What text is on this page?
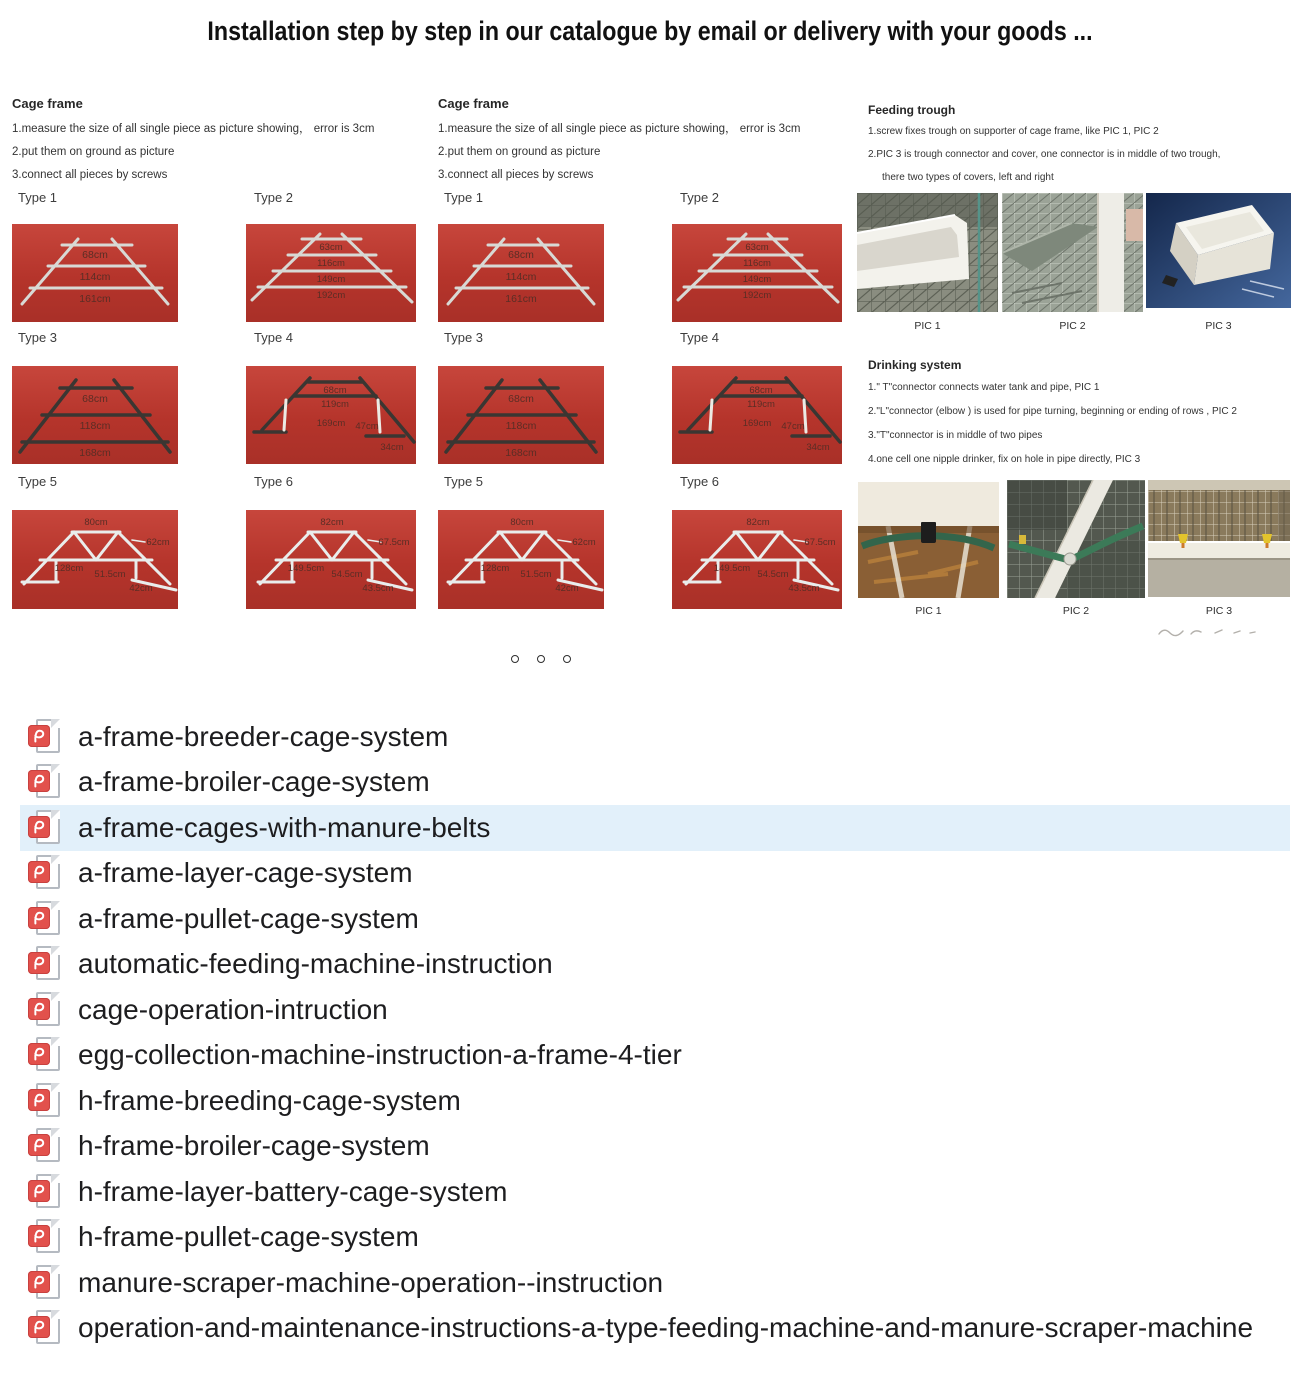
Installation step by step in our catalogue by email or delivery with your goods ...
Cage frame
1.measure the size of all single piece as picture showing， error is 3cm
2.put them on ground as picture
3.connect all pieces by screws
Type 1	Type 2
Type 3	Type 4
Type 5	Type 6
68cm
114cm
161cm
63cm
116cm
149cm
192cm
68cm
118cm
168cm
68cm
119cm
169cm 47cm
34cm
80cm
62cm
128cm
51.5cm
42cm
82cm
67.5cm
149.5cm
54.5cm
43.5cm
Cage frame
1.measure the size of all single piece as picture showing， error is 3cm
2.put them on ground as picture
3.connect all pieces by screws
Type 1	Type 2
Type 3	Type 4
Type 5	Type 6
68cm
114cm
161cm
63cm
116cm
149cm
192cm
68cm
118cm
168cm
68cm
119cm
169cm 47cm
34cm
80cm
62cm
128cm
51.5cm
42cm
82cm
67.5cm
149.5cm
54.5cm
43.5cm
Feeding trough
1.screw fixes trough on supporter of cage frame, like PIC 1, PIC 2
2.PIC 3 is trough connector and cover, one connector is in middle of two trough,
there two types of covers, left and right
PIC 1	PIC 2	PIC 3
Drinking system
1." T"connector connects water tank and pipe, PIC 1
2."L"connector (elbow ) is used for pipe turning, beginning or ending of rows , PIC 2
3."T"connector is in middle of two pipes
4.one cell one nipple drinker, fix on hole in pipe directly, PIC 3
PIC 1	PIC 2	PIC 3
a-frame-breeder-cage-system
a-frame-broiler-cage-system
a-frame-cages-with-manure-belts
a-frame-layer-cage-system
a-frame-pullet-cage-system
automatic-feeding-machine-instruction
cage-operation-intruction
egg-collection-machine-instruction-a-frame-4-tier
h-frame-breeding-cage-system
h-frame-broiler-cage-system
h-frame-layer-battery-cage-system
h-frame-pullet-cage-system
manure-scraper-machine-operation--instruction
operation-and-maintenance-instructions-a-type-feeding-machine-and-manure-scraper-machine
